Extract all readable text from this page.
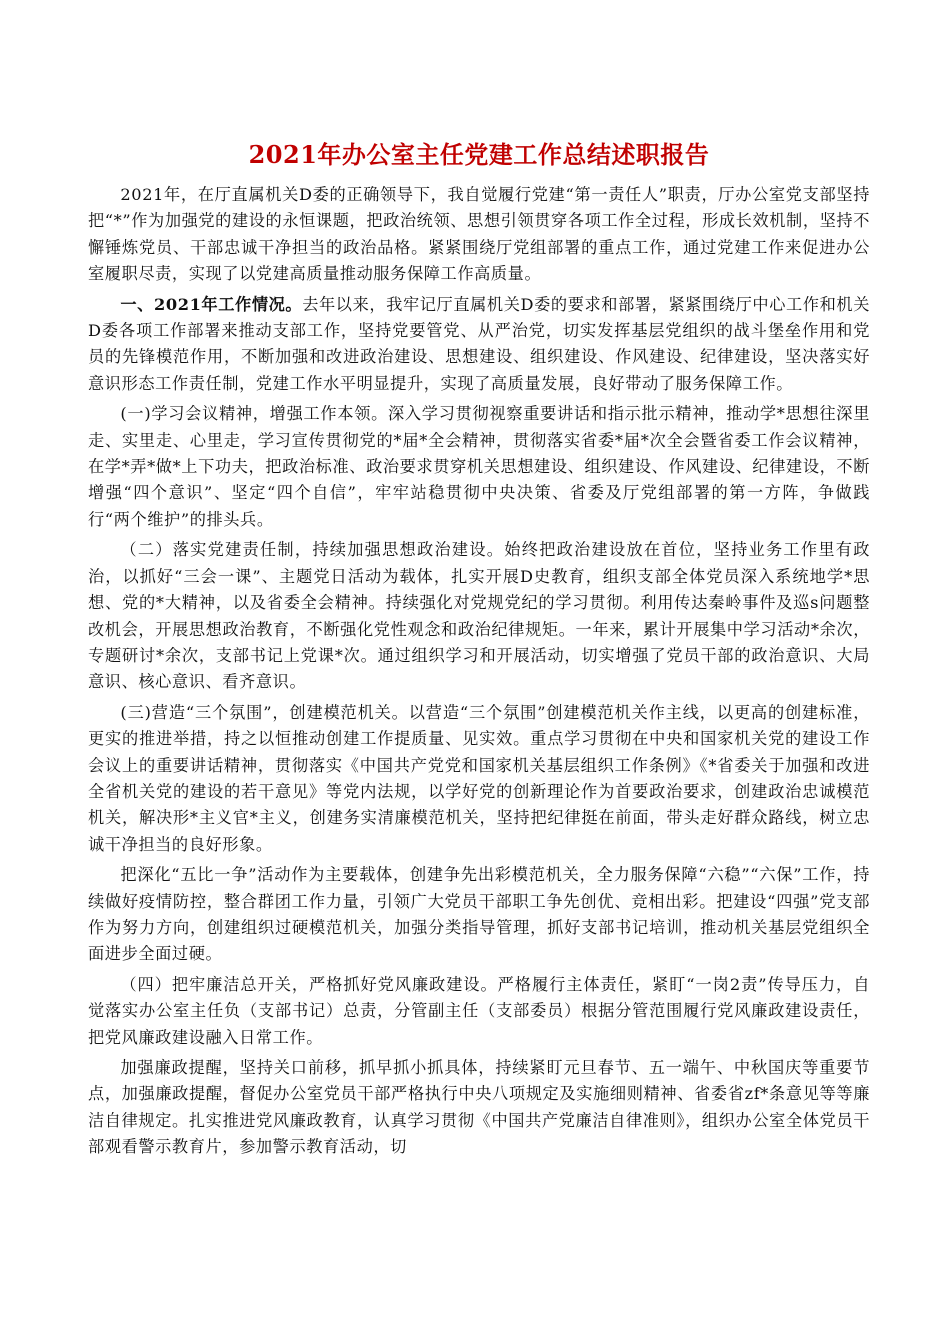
2021年办公室主任党建工作总结述职报告

2021年，在厅直属机关D委的正确领导下，我自觉履行党建“第一责任人”职责，厅办公室党支部坚持把“*”作为加强党的建设的永恒课题，把政治统领、思想引领贯穿各项工作全过程，形成长效机制，坚持不懈锤炼党员、干部忠诚干净担当的政治品格。紧紧围绕厅党组部署的重点工作，通过党建工作来促进办公室履职尽责，实现了以党建高质量推动服务保障工作高质量。

一、2021年工作情况。去年以来，我牢记厅直属机关D委的要求和部署，紧紧围绕厅中心工作和机关D委各项工作部署来推动支部工作，坚持党要管党、从严治党，切实发挥基层党组织的战斗堡垒作用和党员的先锋模范作用，不断加强和改进政治建设、思想建设、组织建设、作风建设、纪律建设，坚决落实好意识形态工作责任制，党建工作水平明显提升，实现了高质量发展，良好带动了服务保障工作。

(一)学习会议精神，增强工作本领。深入学习贯彻视察重要讲话和指示批示精神，推动学*思想往深里走、实里走、心里走，学习宣传贯彻党的*届*全会精神，贯彻落实省委*届*次全会暨省委工作会议精神，在学*弄*做*上下功夫，把政治标准、政治要求贯穿机关思想建设、组织建设、作风建设、纪律建设，不断增强“四个意识”、坚定“四个自信”，牢牢站稳贯彻中央决策、省委及厅党组部署的第一方阵，争做践行“两个维护”的排头兵。

（二）落实党建责任制，持续加强思想政治建设。始终把政治建设放在首位，坚持业务工作里有政治，以抓好“三会一课”、主题党日活动为载体，扎实开展D史教育，组织支部全体党员深入系统地学*思想、党的*大精神，以及省委全会精神。持续强化对党规党纪的学习贯彻。利用传达秦岭事件及巡s问题整改机会，开展思想政治教育，不断强化党性观念和政治纪律规矩。一年来，累计开展集中学习活动*余次，专题研讨*余次，支部书记上党课*次。通过组织学习和开展活动，切实增强了党员干部的政治意识、大局意识、核心意识、看齐意识。

(三)营造“三个氛围”，创建模范机关。以营造“三个氛围”创建模范机关作主线，以更高的创建标准，更实的推进举措，持之以恒推动创建工作提质量、见实效。重点学习贯彻在中央和国家机关党的建设工作会议上的重要讲话精神，贯彻落实《中国共产党党和国家机关基层组织工作条例》《*省委关于加强和改进全省机关党的建设的若干意见》等党内法规，以学好党的创新理论作为首要政治要求，创建政治忠诚模范机关，解决形*主义官*主义，创建务实清廉模范机关，坚持把纪律挺在前面，带头走好群众路线，树立忠诚干净担当的良好形象。

把深化“五比一争”活动作为主要载体，创建争先出彩模范机关，全力服务保障“六稳”“六保”工作，持续做好疫情防控，整合群团工作力量，引领广大党员干部职工争先创优、竞相出彩。把建设“四强”党支部作为努力方向，创建组织过硬模范机关，加强分类指导管理，抓好支部书记培训，推动机关基层党组织全面进步全面过硬。

（四）把牢廉洁总开关，严格抓好党风廉政建设。严格履行主体责任，紧盯“一岗2责”传导压力，自觉落实办公室主任负（支部书记）总责，分管副主任（支部委员）根据分管范围履行党风廉政建设责任，把党风廉政建设融入日常工作。

加强廉政提醒，坚持关口前移，抓早抓小抓具体，持续紧盯元旦春节、五一端午、中秋国庆等重要节点，加强廉政提醒，督促办公室党员干部严格执行中央八项规定及实施细则精神、省委省zf*条意见等等廉洁自律规定。扎实推进党风廉政教育，认真学习贯彻《中国共产党廉洁自律准则》，组织办公室全体党员干部观看警示教育片，参加警示教育活动，切
